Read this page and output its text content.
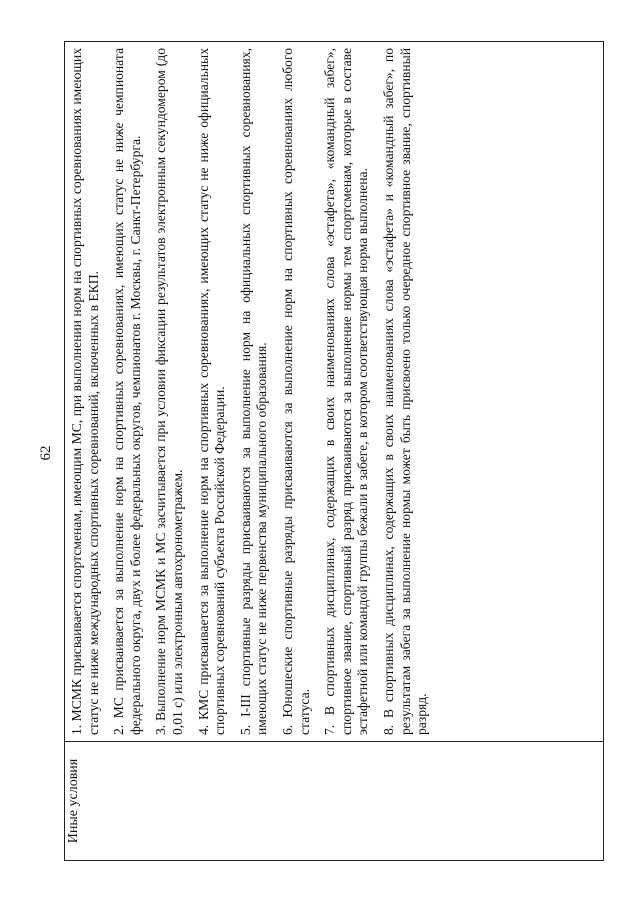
62
Иные условия	

1. МСМК присваивается спортсменам, имеющим МС, при выполнении норм на спортивных соревнованиях имеющих статус не ниже международных спортивных соревнований, включенных в ЕКП. 2. МС присваивается за выполнение норм на спортивных соревнованиях, имеющих статус не ниже чемпионата федерального округа, двух и более федеральных округов, чемпионатов г. Москвы, г. Санкт-Петербурга. 3. Выполнение норм МСМК и МС засчитывается при условии фиксации результатов электронным секундомером (до 0,01 с) или электронным автохронометражем. 4. КМС присваивается за выполнение норм на спортивных соревнованиях, имеющих статус не ниже официальных спортивных соревнований субъекта Российской Федерации. 5. I-III спортивные разряды присваиваются за выполнение норм на официальных спортивных соревнованиях, имеющих статус не ниже первенства муниципального образования. 6. Юношеские спортивные разряды присваиваются за выполнение норм на спортивных соревнованиях любого статуса. 7. В спортивных дисциплинах, содержащих в своих наименованиях слова «эстафета», «командный забег», спортивное звание, спортивный разряд присваиваются за выполнение нормы тем спортсменам, которые в составе эстафетной или командой группы бежали в забеге, в котором соответствующая норма выполнена. 8. В спортивных дисциплинах, содержащих в своих наименованиях слова «эстафета» и «командный забег», по результатам забега за выполнение нормы может быть присвоено только очередное спортивное звание, спортивный разряд.
